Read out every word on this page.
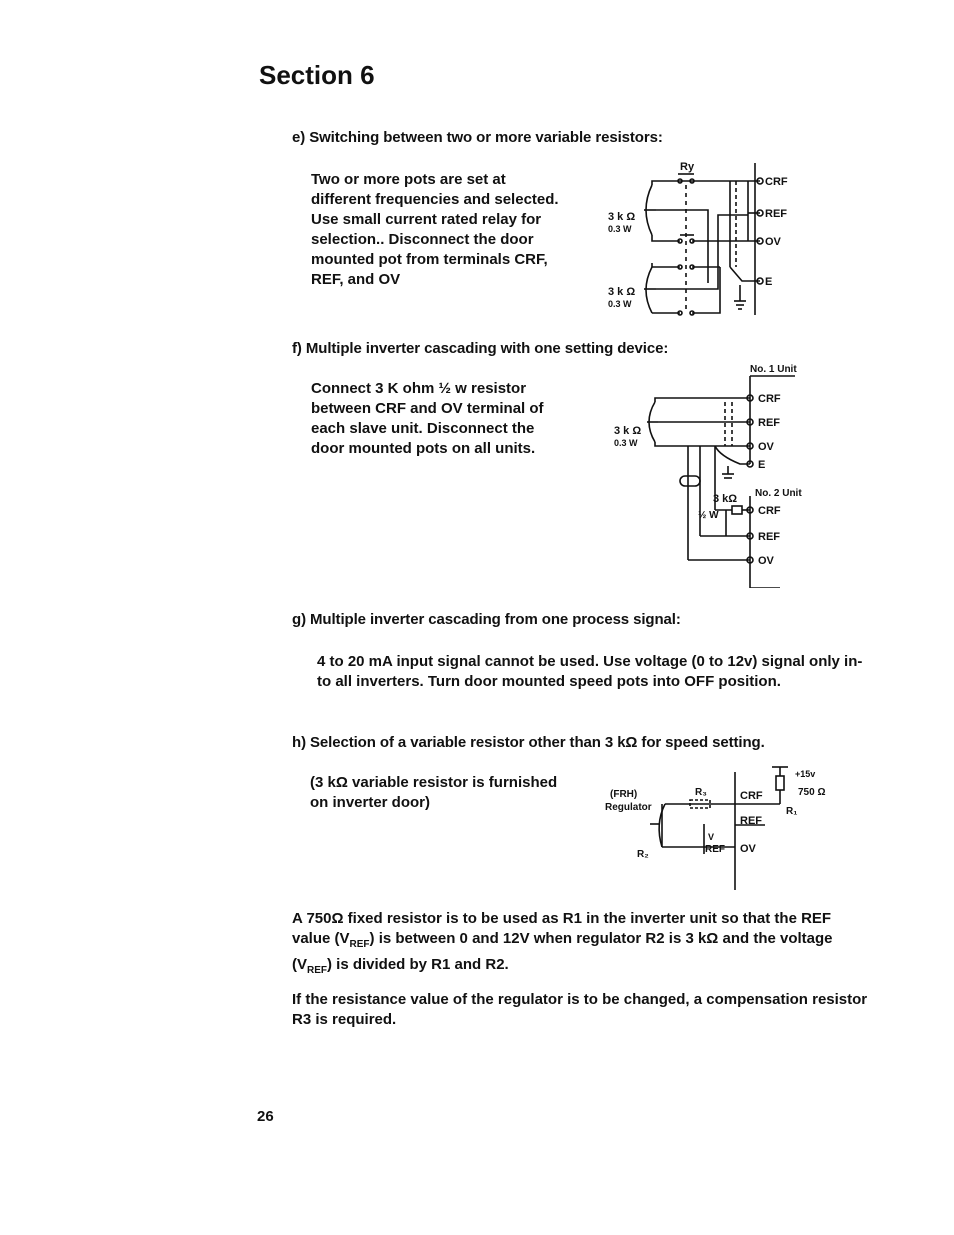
Section 6
e) Switching between two or more variable resistors:
Two or more pots are set at
different frequencies and selected.
Use small current rated relay for
selection.. Disconnect the door
mounted pot from terminals CRF,
REF, and OV
Ry
3 k Ω
0.3 W
3 k Ω
0.3 W
CRF
REF
OV
E
f) Multiple inverter cascading with one setting device:
Connect 3 K ohm ½ w resistor
between CRF and OV terminal of
each slave unit. Disconnect the
door mounted pots on all units.
No. 1 Unit
No. 2 Unit
3 kΩ
½ W
3 k Ω
0.3 W
CRF
REF
OV
E
CRF
REF
OV
g) Multiple inverter cascading from one process signal:
4 to 20 mA input signal cannot be used. Use voltage (0 to 12v) signal only in-
to all inverters. Turn door mounted speed pots into OFF position.
h) Selection of a variable resistor other than 3 kΩ for speed setting.
(3 kΩ variable resistor is furnished
on inverter door)	(FRH)
Regulator
R₃
R₂
V
REF
CRF
REF
OV
+15v
750 Ω
R₁
A 750Ω fixed resistor is to be used as R1 in the inverter unit so that the REF
value $(V_{REF})$ is between 0 and 12V when regulator R2 is 3 kΩ and the voltage
$(V_{REF})$ is divided by R1 and R2.
If the resistance value of the regulator is to be changed, a compensation resistor
R3 is required.
26
